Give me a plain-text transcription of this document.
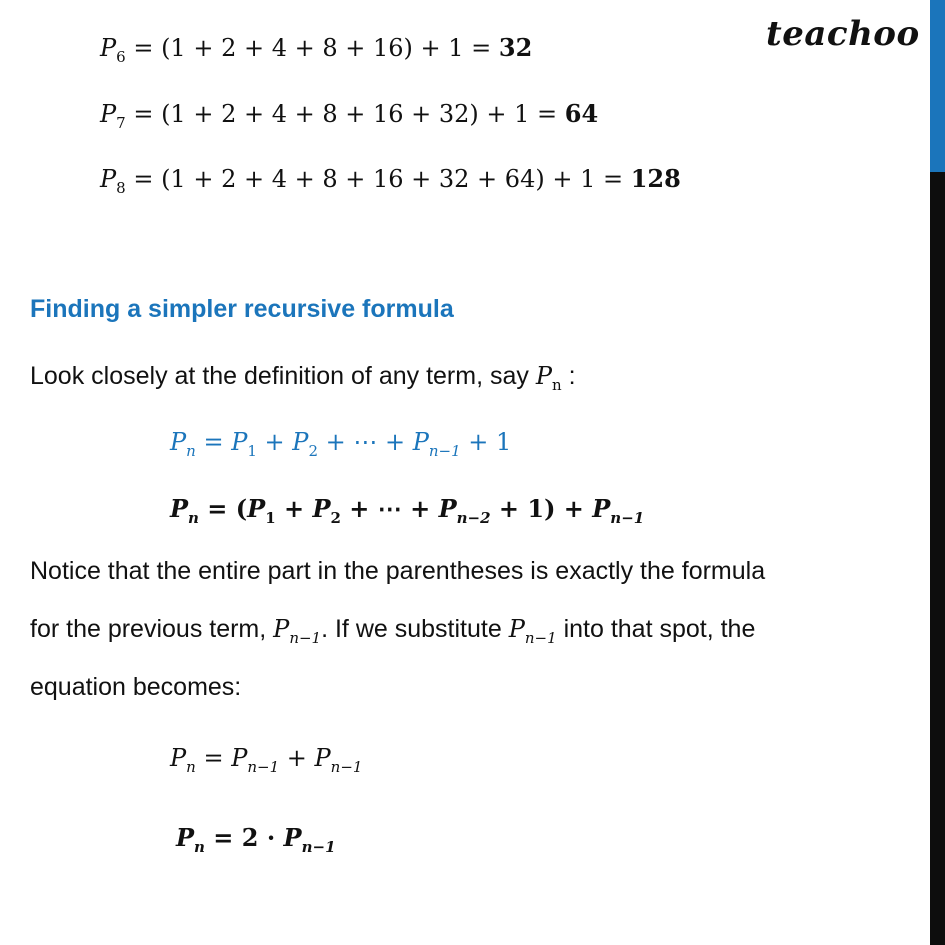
teachoo
$P_6 = (1 + 2 + 4 + 8 + 16) + 1 = 32$
$P_7 = (1 + 2 + 4 + 8 + 16 + 32) + 1 = 64$
$P_8 = (1 + 2 + 4 + 8 + 16 + 32 + 64) + 1 = 128$
Finding a simpler recursive formula
Look closely at the definition of any term, say $P_n$ :
$P_n = P_1 + P_2$ + ⋯ + $P_{n-1} + 1$
$P_n = (P_1 + P_2$ + ⋯ + $P_{n-2} + 1) + P_{n-1}$
Notice that the entire part in the parentheses is exactly the formula
for the previous term, $P_{n-1}$. If we substitute $P_{n-1}$ into that spot, the
equation becomes:
$P_n = P_{n-1} + P_{n-1}$
$P_n = 2 \cdot P_{n-1}$
